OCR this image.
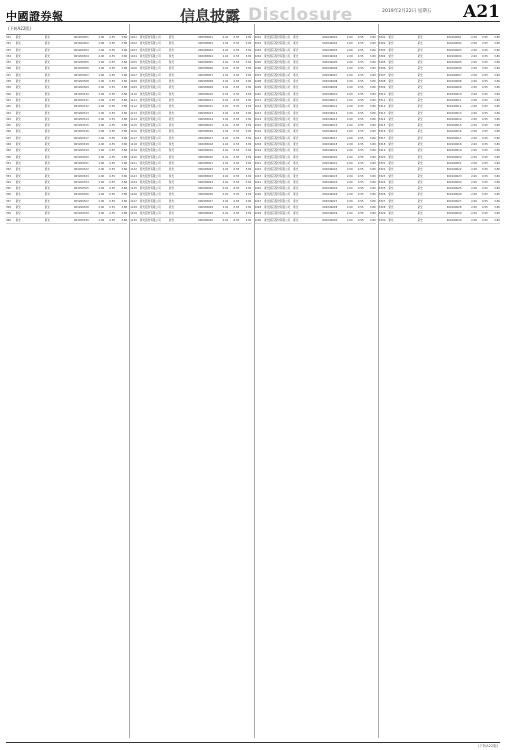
中國證券報	信息披露 Disclosure	2019年2月22日 星期五 A21
(下转A22版)
331	紫光	紫光	003200301	2.00	0.55	3.80
332	紫光	紫光	003200302	2.00	0.55	3.80
333	紫光	紫光	003200303	2.00	0.55	3.80
334	紫光	紫光	003200304	2.00	0.55	3.80
335	紫光	紫光	003200305	2.00	0.55	3.80
336	紫光	紫光	003200306	2.00	0.55	3.80
337	紫光	紫光	003200307	2.00	0.55	3.80
338	紫光	紫光	003200308	2.00	0.55	3.80
339	紫光	紫光	003200309	2.00	0.55	3.80
340	紫光	紫光	003200310	2.00	0.55	3.80
341	紫光	紫光	003200311	2.00	0.55	3.80
342	紫光	紫光	003200312	2.00	0.55	3.80
343	紫光	紫光	003200313	2.00	0.55	3.80
344	紫光	紫光	003200314	2.00	0.55	3.80
345	紫光	紫光	003200315	2.00	0.55	3.80
346	紫光	紫光	003200316	2.00	0.55	3.80
347	紫光	紫光	003200317	2.00	0.55	3.80
348	紫光	紫光	003200318	2.00	0.55	3.80
349	紫光	紫光	003200319	2.00	0.55	3.80
350	紫光	紫光	003200320	2.00	0.55	3.80
351	紫光	紫光	003200321	2.00	0.55	3.80
352	紫光	紫光	003200322	2.00	0.55	3.80
353	紫光	紫光	003200323	2.00	0.55	3.80
354	紫光	紫光	003200324	2.00	0.55	3.80
355	紫光	紫光	003200325	2.00	0.55	3.80
356	紫光	紫光	003200326	2.00	0.55	3.80
357	紫光	紫光	003200327	2.00	0.55	3.80
358	紫光	紫光	003200328	2.00	0.55	3.80
359	紫光	紫光	003200329	2.00	0.55	3.80
360	紫光	紫光	003200330	2.00	0.55	3.80
1101	紫光股份有限公司	紫光	000938001	2.00	0.55	3.80
1102	紫光股份有限公司	紫光	000938002	2.00	0.55	3.80
1103	紫光股份有限公司	紫光	000938003	2.00	0.55	3.80
1104	紫光股份有限公司	紫光	000938004	2.00	0.55	3.80
1105	紫光股份有限公司	紫光	000938005	2.00	0.55	3.80
1106	紫光股份有限公司	紫光	000938006	2.00	0.55	3.80
1107	紫光股份有限公司	紫光	000938007	2.00	0.55	3.80
1108	紫光股份有限公司	紫光	000938008	2.00	0.55	3.80
1109	紫光股份有限公司	紫光	000938009	2.00	0.55	3.80
1110	紫光股份有限公司	紫光	000938010	2.00	0.55	3.80
1111	紫光股份有限公司	紫光	000938011	2.00	0.55	3.80
1112	紫光股份有限公司	紫光	000938012	2.00	0.55	3.80
1113	紫光股份有限公司	紫光	000938013	2.00	0.55	3.80
1114	紫光股份有限公司	紫光	000938014	2.00	0.55	3.80
1115	紫光股份有限公司	紫光	000938015	2.00	0.55	3.80
1116	紫光股份有限公司	紫光	000938016	2.00	0.55	3.80
1117	紫光股份有限公司	紫光	000938017	2.00	0.55	3.80
1118	紫光股份有限公司	紫光	000938018	2.00	0.55	3.80
1119	紫光股份有限公司	紫光	000938019	2.00	0.55	3.80
1120	紫光股份有限公司	紫光	000938020	2.00	0.55	3.80
1121	紫光股份有限公司	紫光	000938021	2.00	0.55	3.80
1122	紫光股份有限公司	紫光	000938022	2.00	0.55	3.80
1123	紫光股份有限公司	紫光	000938023	2.00	0.55	3.80
1124	紫光股份有限公司	紫光	000938024	2.00	0.55	3.80
1125	紫光股份有限公司	紫光	000938025	2.00	0.55	3.80
1126	紫光股份有限公司	紫光	000938026	2.00	0.55	3.80
1127	紫光股份有限公司	紫光	000938027	2.00	0.55	3.80
1128	紫光股份有限公司	紫光	000938028	2.00	0.55	3.80
1129	紫光股份有限公司	紫光	000938029	2.00	0.55	3.80
1130	紫光股份有限公司	紫光	000938030	2.00	0.55	3.80
2201	紫光国芯股份有限公司	紫光	002049001	2.00	0.55	3.80
2202	紫光国芯股份有限公司	紫光	002049002	2.00	0.55	3.80
2203	紫光国芯股份有限公司	紫光	002049003	2.00	0.55	3.80
2204	紫光国芯股份有限公司	紫光	002049004	2.00	0.55	3.80
2205	紫光国芯股份有限公司	紫光	002049005	2.00	0.55	3.80
2206	紫光国芯股份有限公司	紫光	002049006	2.00	0.55	3.80
2207	紫光国芯股份有限公司	紫光	002049007	2.00	0.55	3.80
2208	紫光国芯股份有限公司	紫光	002049008	2.00	0.55	3.80
2209	紫光国芯股份有限公司	紫光	002049009	2.00	0.55	3.80
2210	紫光国芯股份有限公司	紫光	002049010	2.00	0.55	3.80
2211	紫光国芯股份有限公司	紫光	002049011	2.00	0.55	3.80
2212	紫光国芯股份有限公司	紫光	002049012	2.00	0.55	3.80
2213	紫光国芯股份有限公司	紫光	002049013	2.00	0.55	3.80
2214	紫光国芯股份有限公司	紫光	002049014	2.00	0.55	3.80
2215	紫光国芯股份有限公司	紫光	002049015	2.00	0.55	3.80
2216	紫光国芯股份有限公司	紫光	002049016	2.00	0.55	3.80
2217	紫光国芯股份有限公司	紫光	002049017	2.00	0.55	3.80
2218	紫光国芯股份有限公司	紫光	002049018	2.00	0.55	3.80
2219	紫光国芯股份有限公司	紫光	002049019	2.00	0.55	3.80
2220	紫光国芯股份有限公司	紫光	002049020	2.00	0.55	3.80
2221	紫光国芯股份有限公司	紫光	002049021	2.00	0.55	3.80
2222	紫光国芯股份有限公司	紫光	002049022	2.00	0.55	3.80
2223	紫光国芯股份有限公司	紫光	002049023	2.00	0.55	3.80
2224	紫光国芯股份有限公司	紫光	002049024	2.00	0.55	3.80
2225	紫光国芯股份有限公司	紫光	002049025	2.00	0.55	3.80
2226	紫光国芯股份有限公司	紫光	002049026	2.00	0.55	3.80
2227	紫光国芯股份有限公司	紫光	002049027	2.00	0.55	3.80
2228	紫光国芯股份有限公司	紫光	002049028	2.00	0.55	3.80
2229	紫光国芯股份有限公司	紫光	002049029	2.00	0.55	3.80
2230	紫光国芯股份有限公司	紫光	002049030	2.00	0.55	3.80
3301	紫光	紫光	600100001	2.00	0.55	3.80
3302	紫光	紫光	600100002	2.00	0.55	3.80
3303	紫光	紫光	600100003	2.00	0.55	3.80
3304	紫光	紫光	600100004	2.00	0.55	3.80
3305	紫光	紫光	600100005	2.00	0.55	3.80
3306	紫光	紫光	600100006	2.00	0.55	3.80
3307	紫光	紫光	600100007	2.00	0.55	3.80
3308	紫光	紫光	600100008	2.00	0.55	3.80
3309	紫光	紫光	600100009	2.00	0.55	3.80
3310	紫光	紫光	600100010	2.00	0.55	3.80
3311	紫光	紫光	600100011	2.00	0.55	3.80
3312	紫光	紫光	600100012	2.00	0.55	3.80
3313	紫光	紫光	600100013	2.00	0.55	3.80
3314	紫光	紫光	600100014	2.00	0.55	3.80
3315	紫光	紫光	600100015	2.00	0.55	3.80
3316	紫光	紫光	600100016	2.00	0.55	3.80
3317	紫光	紫光	600100017	2.00	0.55	3.80
3318	紫光	紫光	600100018	2.00	0.55	3.80
3319	紫光	紫光	600100019	2.00	0.55	3.80
3320	紫光	紫光	600100020	2.00	0.55	3.80
3321	紫光	紫光	600100021	2.00	0.55	3.80
3322	紫光	紫光	600100022	2.00	0.55	3.80
3323	紫光	紫光	600100023	2.00	0.55	3.80
3324	紫光	紫光	600100024	2.00	0.55	3.80
3325	紫光	紫光	600100025	2.00	0.55	3.80
3326	紫光	紫光	600100026	2.00	0.55	3.80
3327	紫光	紫光	600100027	2.00	0.55	3.80
3328	紫光	紫光	600100028	2.00	0.55	3.80
3329	紫光	紫光	600100029	2.00	0.55	3.80
3330	紫光	紫光	600100030	2.00	0.55	3.80
(下转A22版)
